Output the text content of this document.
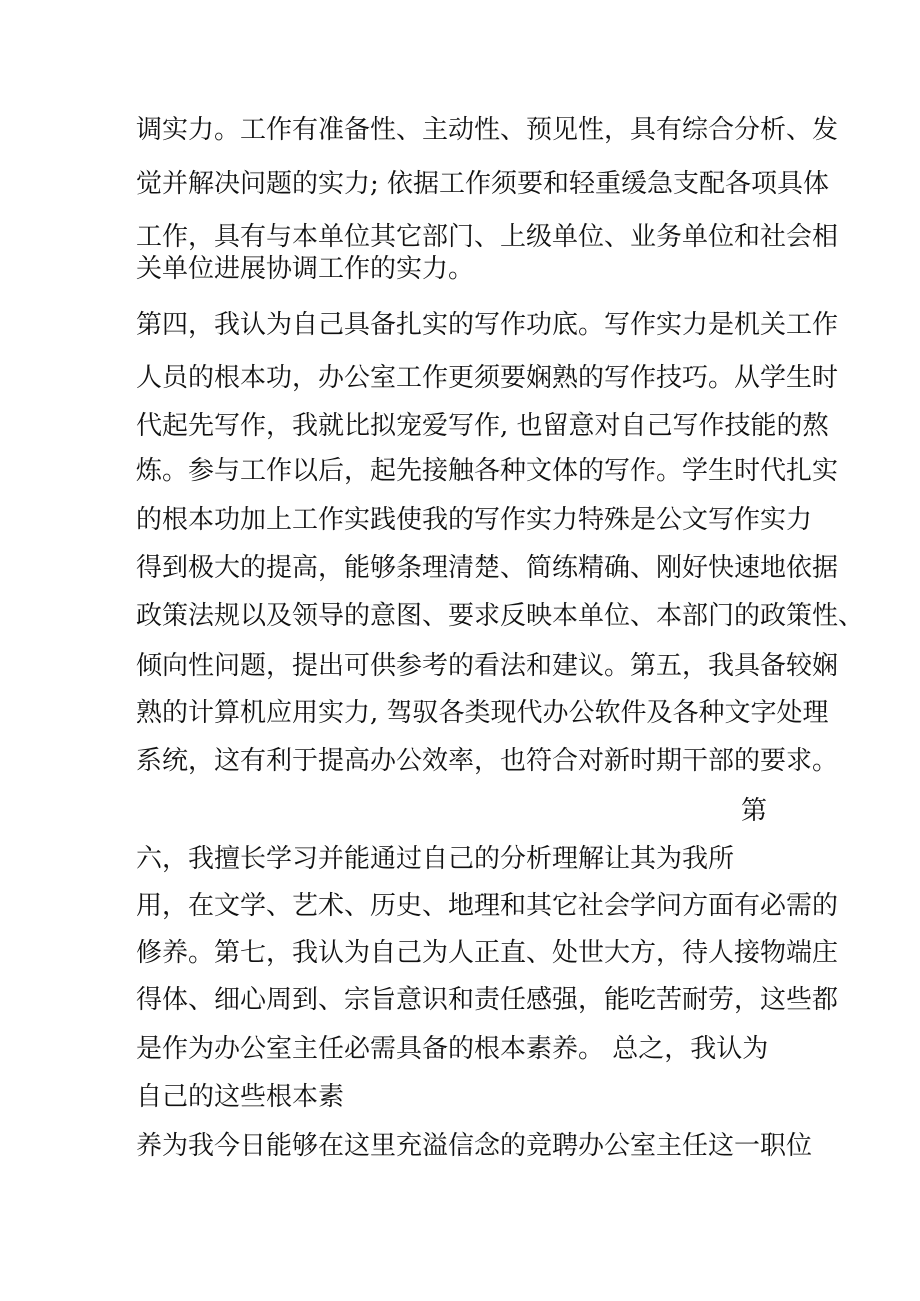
调实力。工作有准备性、主动性、预见性，具有综合分析、发
觉并解决问题的实力; 依据工作须要和轻重缓急支配各项具体
工作，具有与本单位其它部门、上级单位、业务单位和社会相
关单位进展协调工作的实力。
第四，我认为自己具备扎实的写作功底。写作实力是机关工作
人员的根本功，办公室工作更须要娴熟的写作技巧。从学生时
代起先写作，我就比拟宠爱写作, 也留意对自己写作技能的熬
炼。参与工作以后，起先接触各种文体的写作。学生时代扎实
的根本功加上工作实践使我的写作实力特殊是公文写作实力
得到极大的提高，能够条理清楚、简练精确、刚好快速地依据
政策法规以及领导的意图、要求反映本单位、本部门的政策性、
倾向性问题，提出可供参考的看法和建议。第五，我具备较娴
熟的计算机应用实力, 驾驭各类现代办公软件及各种文字处理
系统，这有利于提高办公效率，也符合对新时期干部的要求。
第
六，我擅长学习并能通过自己的分析理解让其为我所
用，在文学、艺术、历史、地理和其它社会学问方面有必需的
修养。第七，我认为自己为人正直、处世大方，待人接物端庄
得体、细心周到、宗旨意识和责任感强，能吃苦耐劳，这些都
是作为办公室主任必需具备的根本素养。 总之，我认为
自己的这些根本素
养为我今日能够在这里充溢信念的竞聘办公室主任这一职位
